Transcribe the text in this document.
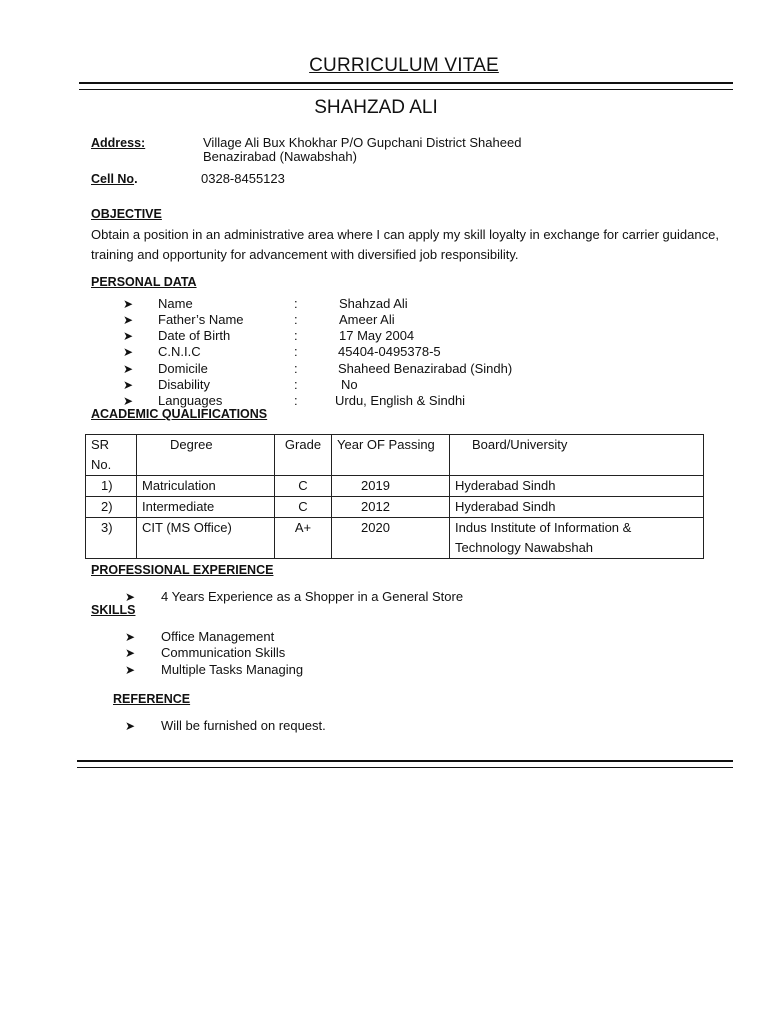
CURRICULUM VITAE
SHAHZAD ALI
Address:	Village Ali Bux Khokhar P/O Gupchani District Shaheed
Benazirabad (Nawabshah)
Cell No.	0328-8455123
OBJECTIVE
Obtain a position in an administrative area where I can apply my skill loyalty in exchange for carrier guidance,
training and opportunity for advancement with diversified job responsibility.
PERSONAL DATA
➤ Name	:	Shahzad Ali
➤ Father’s Name	:	Ameer Ali
➤ Date of Birth	:	17 May 2004
➤ C.N.I.C	:	45404-0495378-5
➤ Domicile	:	Shaheed Benazirabad (Sindh)
➤ Disability	:	No
➤ Languages	:	Urdu, English & Sindhi
ACADEMIC QUALIFICATIONS
SR No.	Degree	Grade	Year OF Passing	Board/University
1)	Matriculation	C	2019	Hyderabad Sindh
2)	Intermediate	C	2012	Hyderabad Sindh
3)	CIT (MS Office)	A+	2020	Indus Institute of Information &
Technology Nawabshah
PROFESSIONAL EXPERIENCE
➤ 4 Years Experience as a Shopper in a General Store
SKILLS
➤ Office Management
➤ Communication Skills
➤ Multiple Tasks Managing
REFERENCE
➤ Will be furnished on request.
